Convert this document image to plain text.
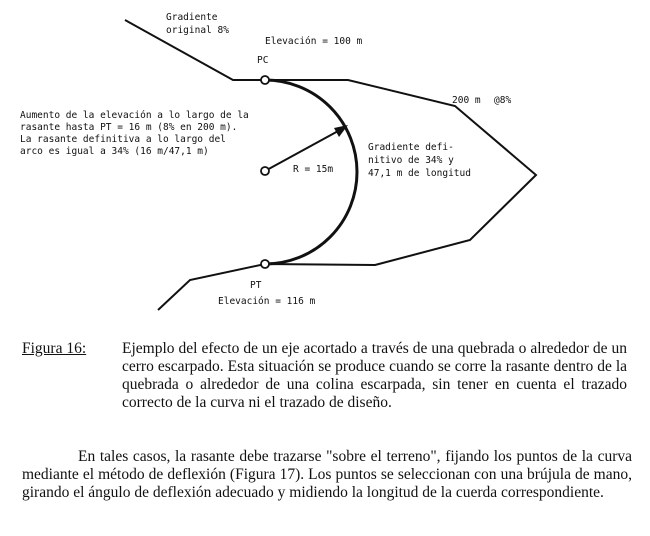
Gradiente
original 8%
Elevación = 100 m
PC
200 m @8%
Aumento de la elevación a lo largo de la
rasante hasta PT = 16 m (8% en 200 m).
La rasante definitiva a lo largo del
arco es igual a 34% (16 m/47,1 m)
R = 15m
Gradiente defi-
nitivo de 34% y
47,1 m de longitud
PT
Elevación = 116 m
Figura 16: Ejemplo del efecto de un eje acortado a través de una quebrada o alrededor de un cerro escarpado. Esta situación se produce cuando se corre la rasante dentro de la quebrada o alrededor de una colina escarpada, sin tener en cuenta el trazado correcto de la curva ni el trazado de diseño.
En tales casos, la rasante debe trazarse "sobre el terreno", fijando los puntos de la curva mediante el método de deflexión (Figura 17). Los puntos se seleccionan con una brújula de mano, girando el ángulo de deflexión adecuado y midiendo la longitud de la cuerda correspondiente.
